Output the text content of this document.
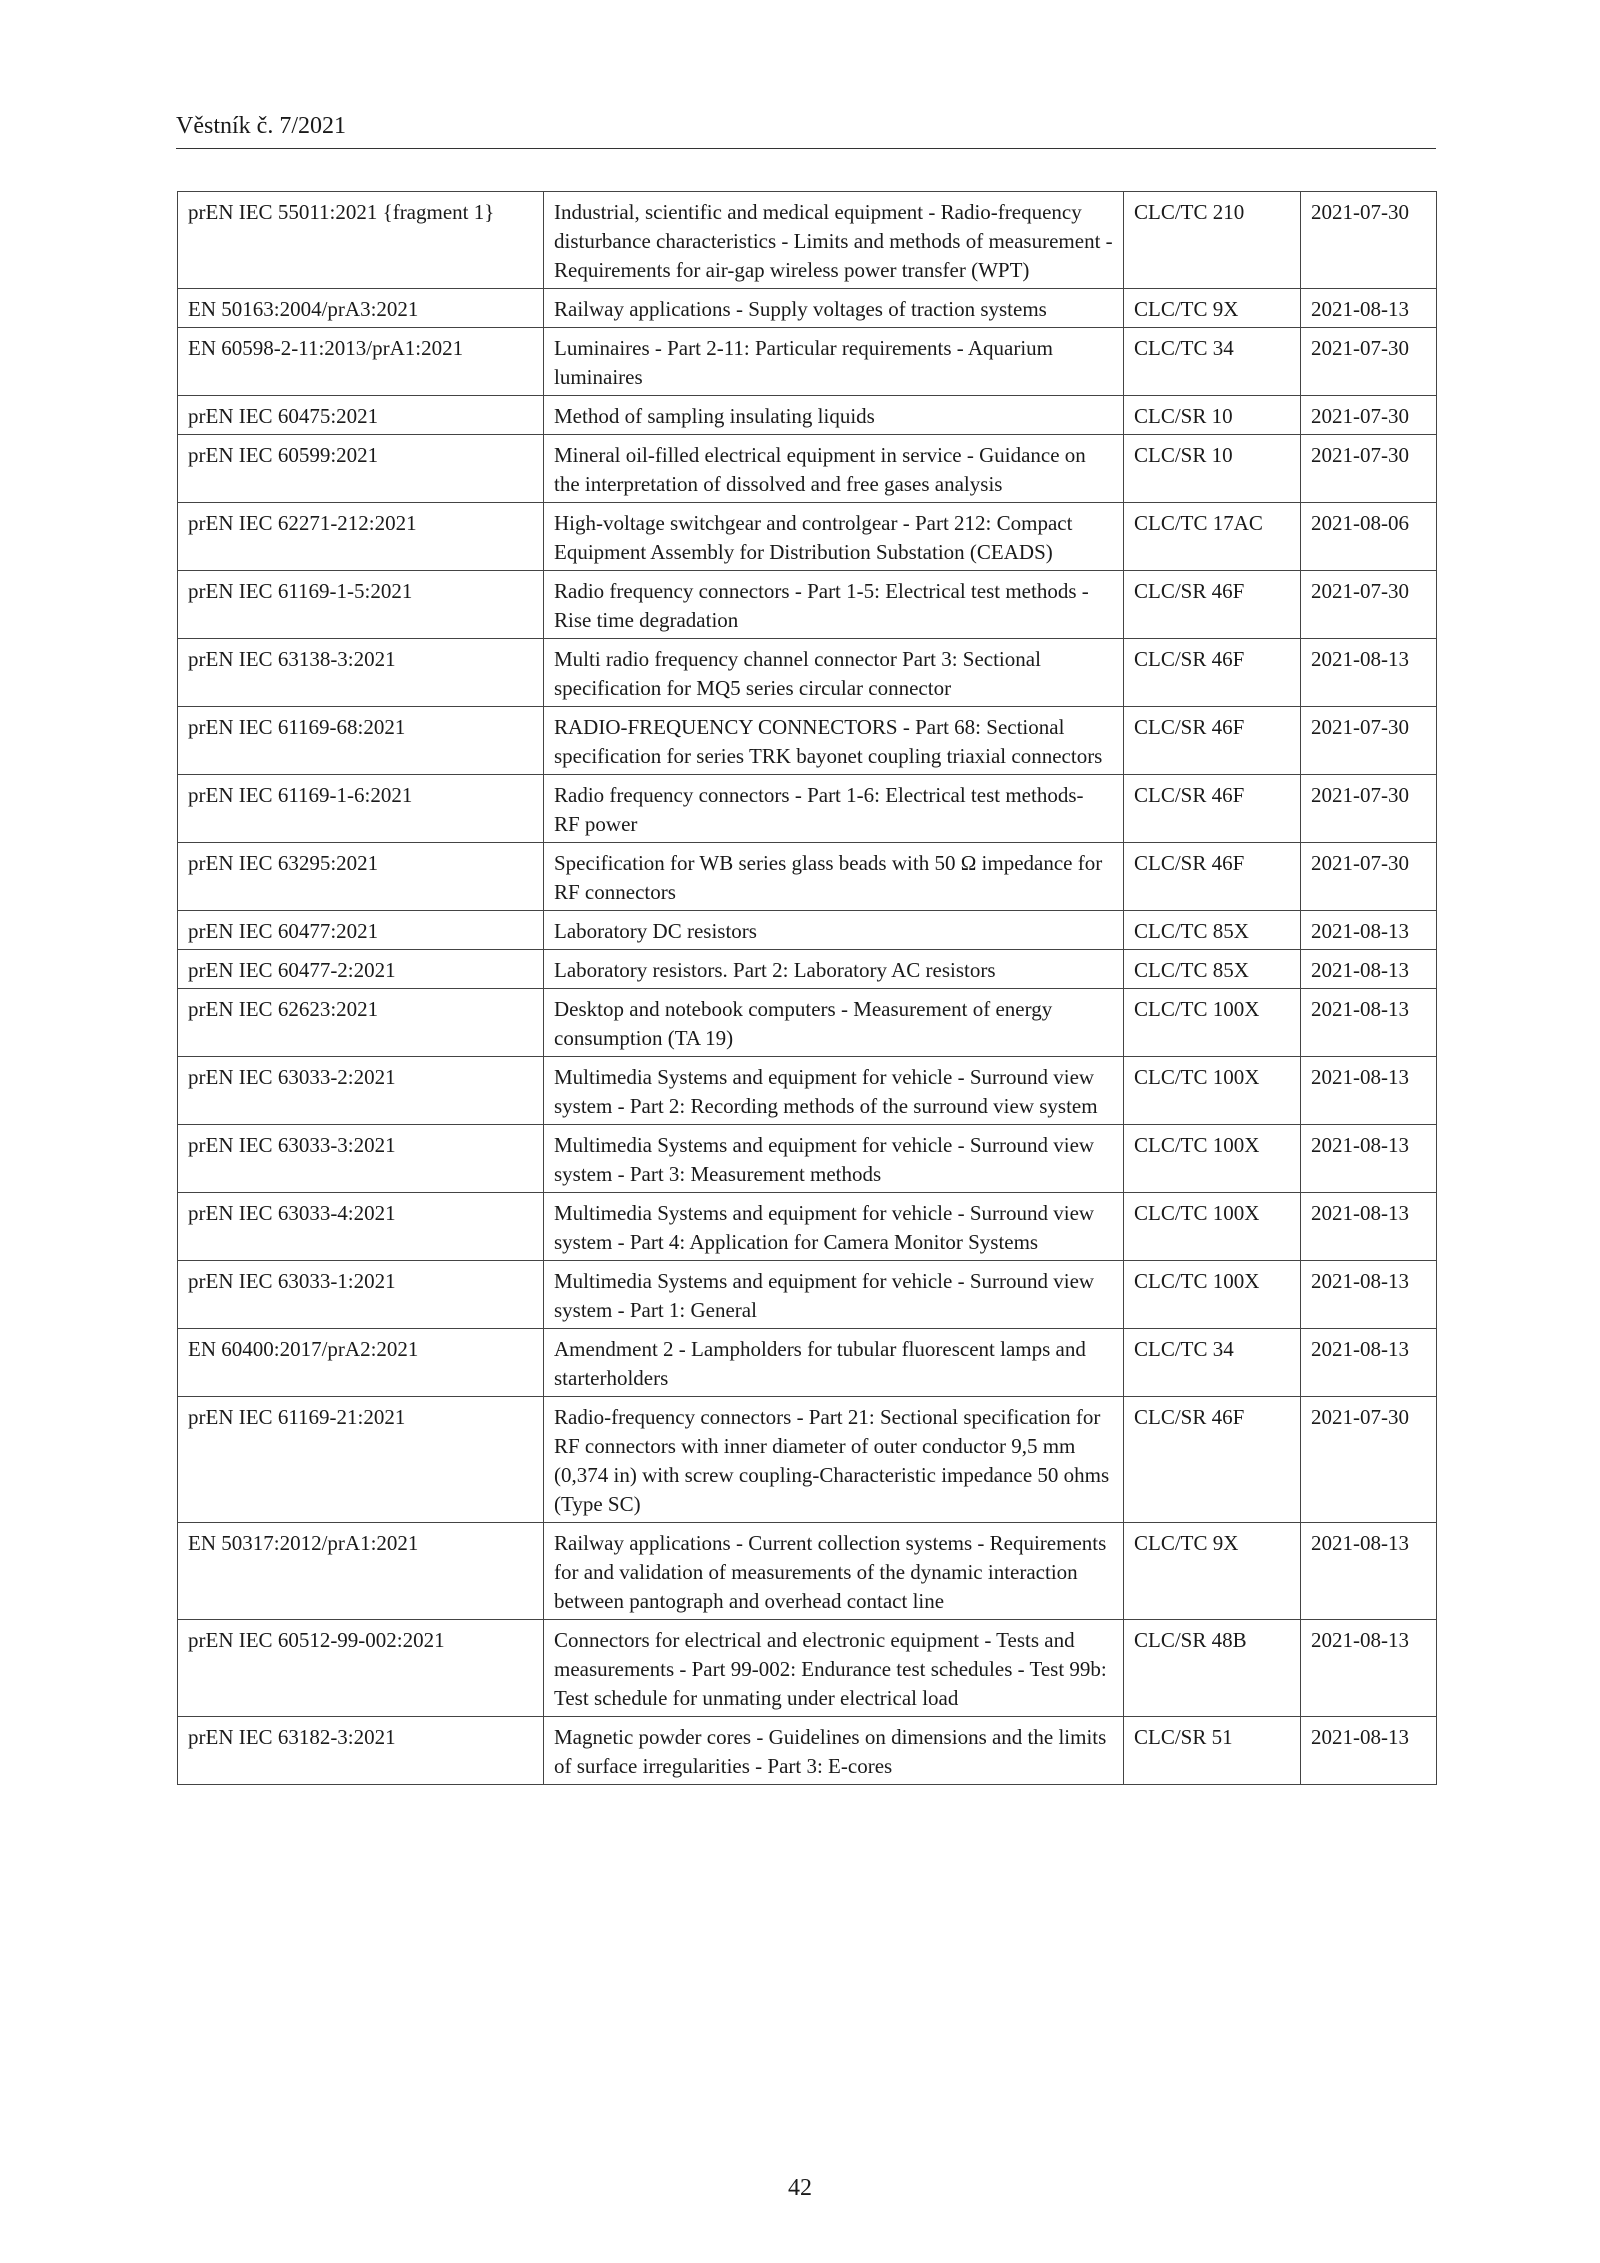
Věstník č. 7/2021
prEN IEC 55011:2021 {fragment 1}	Industrial, scientific and medical equipment - Radio-frequency disturbance characteristics - Limits and methods of measurement - Requirements for air-gap wireless power transfer (WPT)	CLC/TC 210	2021-07-30
EN 50163:2004/prA3:2021	Railway applications - Supply voltages of traction systems	CLC/TC 9X	2021-08-13
EN 60598-2-11:2013/prA1:2021	Luminaires - Part 2-11: Particular requirements - Aquarium luminaires	CLC/TC 34	2021-07-30
prEN IEC 60475:2021	Method of sampling insulating liquids	CLC/SR 10	2021-07-30
prEN IEC 60599:2021	Mineral oil-filled electrical equipment in service - Guidance on the interpretation of dissolved and free gases analysis	CLC/SR 10	2021-07-30
prEN IEC 62271-212:2021	High-voltage switchgear and controlgear - Part 212: Compact Equipment Assembly for Distribution Substation (CEADS)	CLC/TC 17AC	2021-08-06
prEN IEC 61169-1-5:2021	Radio frequency connectors - Part 1-5: Electrical test methods - Rise time degradation	CLC/SR 46F	2021-07-30
prEN IEC 63138-3:2021	Multi radio frequency channel connector Part 3: Sectional specification for MQ5 series circular connector	CLC/SR 46F	2021-08-13
prEN IEC 61169-68:2021	RADIO-FREQUENCY CONNECTORS - Part 68: Sectional specification for series TRK bayonet coupling triaxial connectors	CLC/SR 46F	2021-07-30
prEN IEC 61169-1-6:2021	Radio frequency connectors - Part 1-6: Electrical test methods- RF power	CLC/SR 46F	2021-07-30
prEN IEC 63295:2021	Specification for WB series glass beads with 50 Ω impedance for RF connectors	CLC/SR 46F	2021-07-30
prEN IEC 60477:2021	Laboratory DC resistors	CLC/TC 85X	2021-08-13
prEN IEC 60477-2:2021	Laboratory resistors. Part 2: Laboratory AC resistors	CLC/TC 85X	2021-08-13
prEN IEC 62623:2021	Desktop and notebook computers - Measurement of energy consumption (TA 19)	CLC/TC 100X	2021-08-13
prEN IEC 63033-2:2021	Multimedia Systems and equipment for vehicle - Surround view system - Part 2: Recording methods of the surround view system	CLC/TC 100X	2021-08-13
prEN IEC 63033-3:2021	Multimedia Systems and equipment for vehicle - Surround view system - Part 3: Measurement methods	CLC/TC 100X	2021-08-13
prEN IEC 63033-4:2021	Multimedia Systems and equipment for vehicle - Surround view system - Part 4: Application for Camera Monitor Systems	CLC/TC 100X	2021-08-13
prEN IEC 63033-1:2021	Multimedia Systems and equipment for vehicle - Surround view system - Part 1: General	CLC/TC 100X	2021-08-13
EN 60400:2017/prA2:2021	Amendment 2 - Lampholders for tubular fluorescent lamps and starterholders	CLC/TC 34	2021-08-13
prEN IEC 61169-21:2021	Radio-frequency connectors - Part 21: Sectional specification for RF connectors with inner diameter of outer conductor 9,5 mm (0,374 in) with screw coupling-Characteristic impedance 50 ohms (Type SC)	CLC/SR 46F	2021-07-30
EN 50317:2012/prA1:2021	Railway applications - Current collection systems - Requirements for and validation of measurements of the dynamic interaction between pantograph and overhead contact line	CLC/TC 9X	2021-08-13
prEN IEC 60512-99-002:2021	Connectors for electrical and electronic equipment - Tests and measurements - Part 99-002: Endurance test schedules - Test 99b: Test schedule for unmating under electrical load	CLC/SR 48B	2021-08-13
prEN IEC 63182-3:2021	Magnetic powder cores - Guidelines on dimensions and the limits of surface irregularities - Part 3: E-cores	CLC/SR 51	2021-08-13
42
